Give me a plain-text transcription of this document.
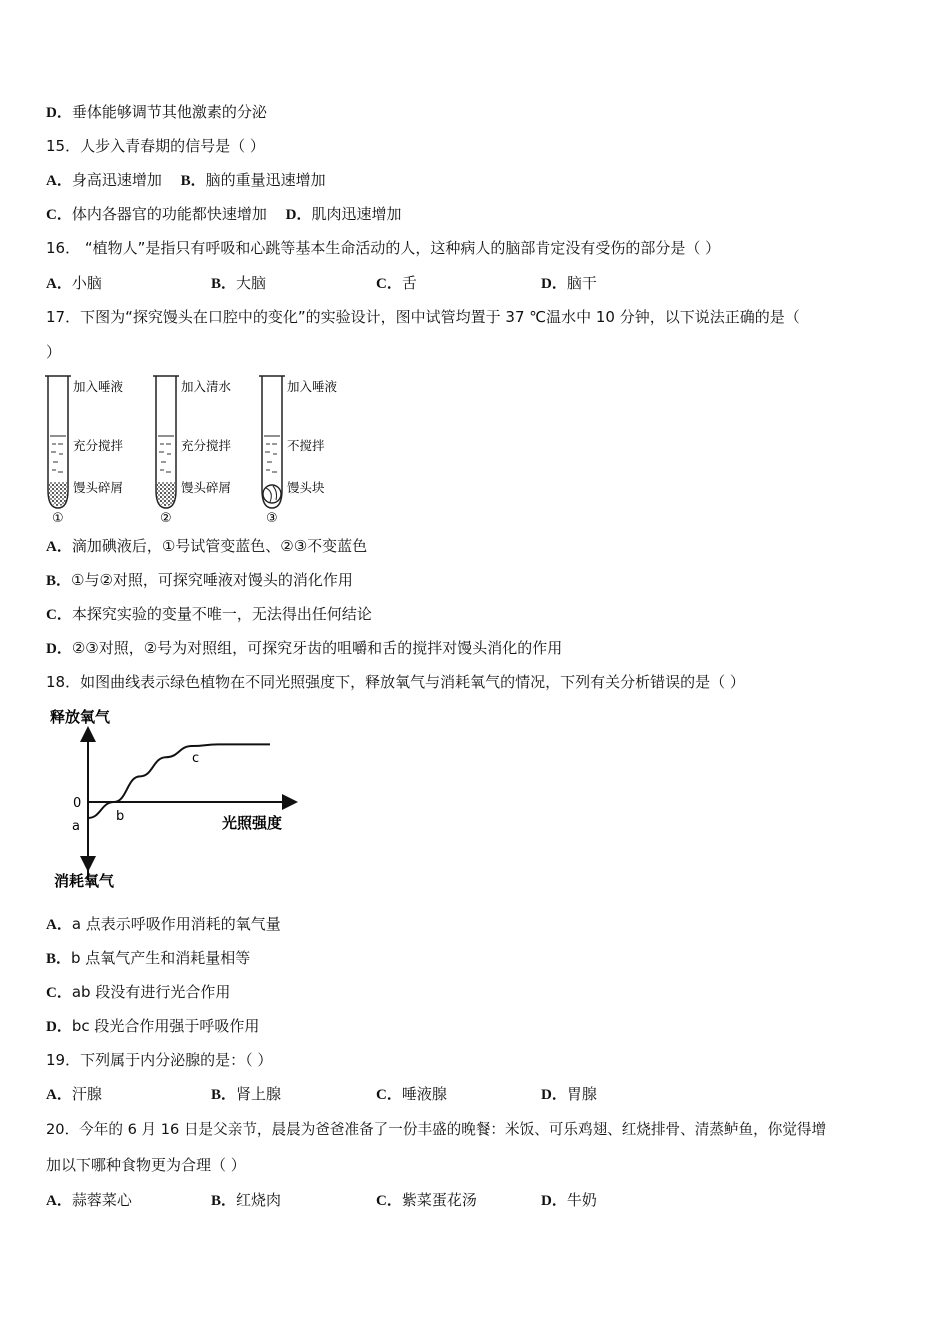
D．垂体能够调节其他激素的分泌
15．人步入青春期的信号是（ ）
A．身高迅速增加 B．脑的重量迅速增加
C．体内各器官的功能都快速增加 D．肌肉迅速增加
16． “植物人”是指只有呼吸和心跳等基本生命活动的人，这种病人的脑部肯定没有受伤的部分是（ ）
A．小脑	B．大脑	C．舌	D．脑干
17．下图为“探究馒头在口腔中的变化”的实验设计，图中试管均置于 37 ℃温水中 10 分钟，以下说法正确的是（
）
加入唾液
充分搅拌
馒头碎屑
①
加入清水
充分搅拌
馒头碎屑
②
加入唾液
不搅拌
馒头块
③
A．滴加碘液后，①号试管变蓝色、②③不变蓝色
B．①与②对照，可探究唾液对馒头的消化作用
C．本探究实验的变量不唯一，无法得出任何结论
D．②③对照，②号为对照组，可探究牙齿的咀嚼和舌的搅拌对馒头消化的作用
18．如图曲线表示绿色植物在不同光照强度下，释放氧气与消耗氧气的情况，下列有关分析错误的是（ ）
释放氧气
消耗氧气
光照强度
0
a
b
c
A．a 点表示呼吸作用消耗的氧气量
B．b 点氧气产生和消耗量相等
C．ab 段没有进行光合作用
D．bc 段光合作用强于呼吸作用
19．下列属于内分泌腺的是：（ ）
A．汗腺	B．肾上腺	C．唾液腺	D．胃腺
20．今年的 6 月 16 日是父亲节，晨晨为爸爸准备了一份丰盛的晚餐：米饭、可乐鸡翅、红烧排骨、清蒸鲈鱼，你觉得增
加以下哪种食物更为合理（ ）
A．蒜蓉菜心	B．红烧肉	C．紫菜蛋花汤	D．牛奶
